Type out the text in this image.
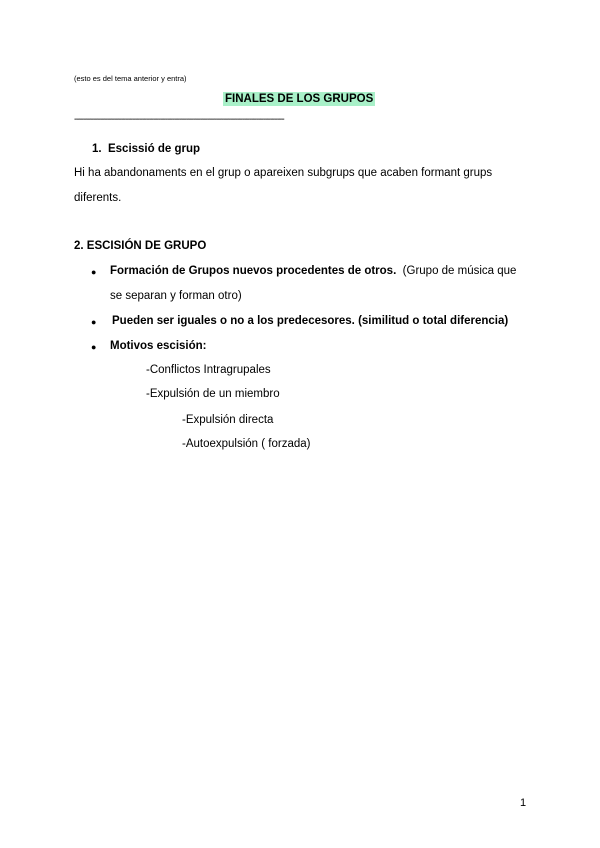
(esto es del tema anterior y entra)
FINALES DE LOS GRUPOS
------------------------------------------------------------------------------------------
1. Escissió de grup
Hi ha abandonaments en el grup o apareixen subgrups que acaben formant grups
diferents.
2. ESCISIÓN DE GRUPO
● Formación de Grupos nuevos procedentes de otros. (Grupo de música que
se separan y forman otro)
● Pueden ser iguales o no a los predecesores. (similitud o total diferencia)
● Motivos escisión:
-Conflictos Intragrupales
-Expulsión de un miembro
-Expulsión directa
-Autoexpulsión ( forzada)
1
